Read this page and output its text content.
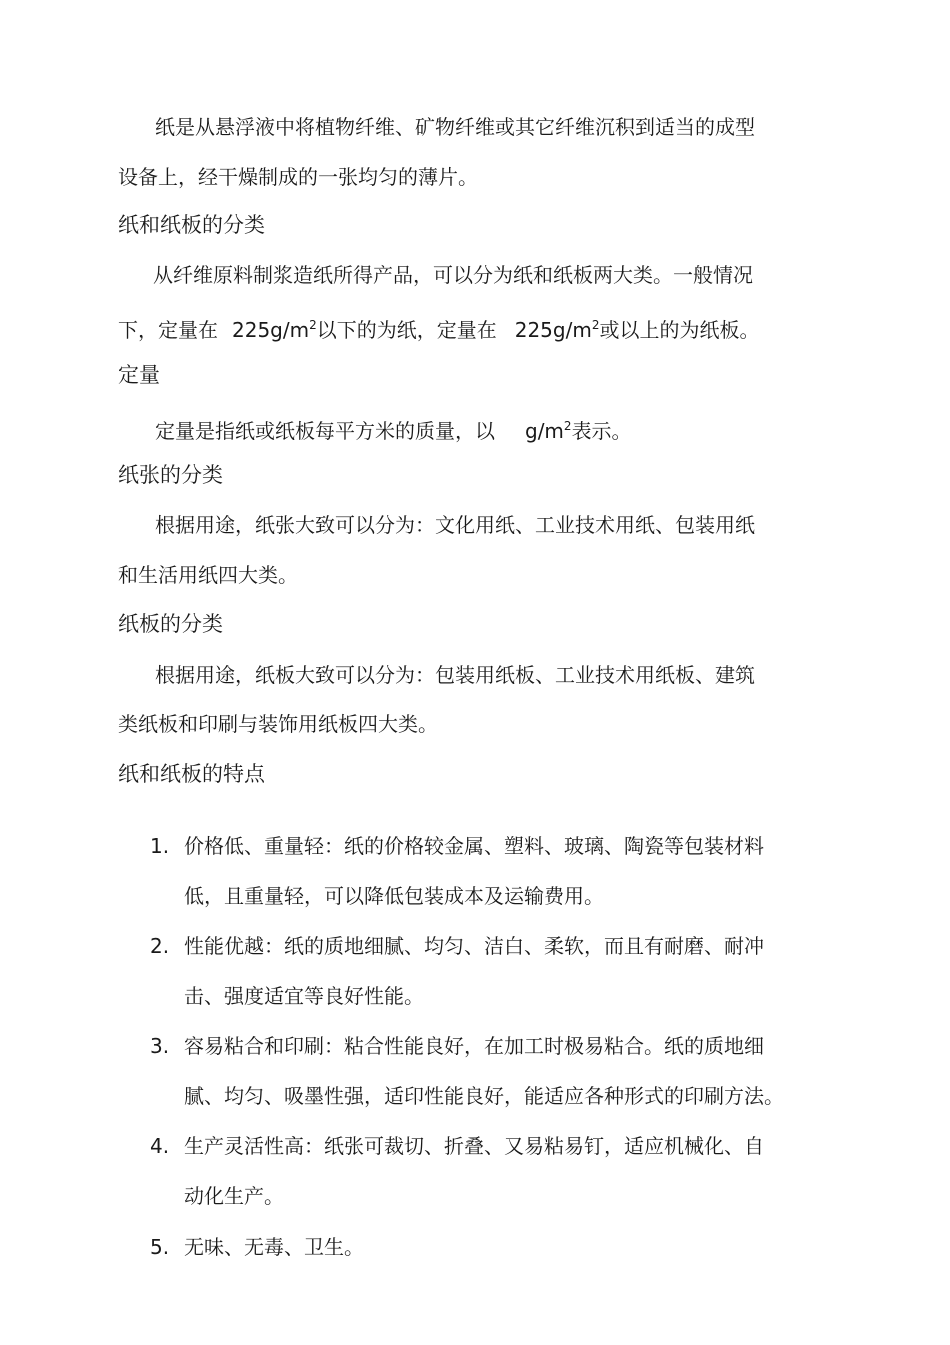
纸是从悬浮液中将植物纤维、矿物纤维或其它纤维沉积到适当的成型

设备上，经干燥制成的一张均匀的薄片。

纸和纸板的分类

从纤维原料制浆造纸所得产品，可以分为纸和纸板两大类。一般情况

下，定量在 $225g/m^2$以下的为纸，定量在 $225g/m^2$或以上的为纸板。

定量

定量是指纸或纸板每平方米的质量，以 $g/m^2$表示。

纸张的分类

根据用途，纸张大致可以分为：文化用纸、工业技术用纸、包装用纸

和生活用纸四大类。

纸板的分类

根据用途，纸板大致可以分为：包装用纸板、工业技术用纸板、建筑

类纸板和印刷与装饰用纸板四大类。

纸和纸板的特点
1. 价格低、重量轻：纸的价格较金属、塑料、玻璃、陶瓷等包装材料
低，且重量轻，可以降低包装成本及运输费用。
2. 性能优越：纸的质地细腻、均匀、洁白、柔软，而且有耐磨、耐冲
击、强度适宜等良好性能。
3. 容易粘合和印刷：粘合性能良好，在加工时极易粘合。纸的质地细
腻、均匀、吸墨性强，适印性能良好，能适应各种形式的印刷方法。
4. 生产灵活性高：纸张可裁切、折叠、又易粘易钉，适应机械化、自
动化生产。
5. 无味、无毒、卫生。
